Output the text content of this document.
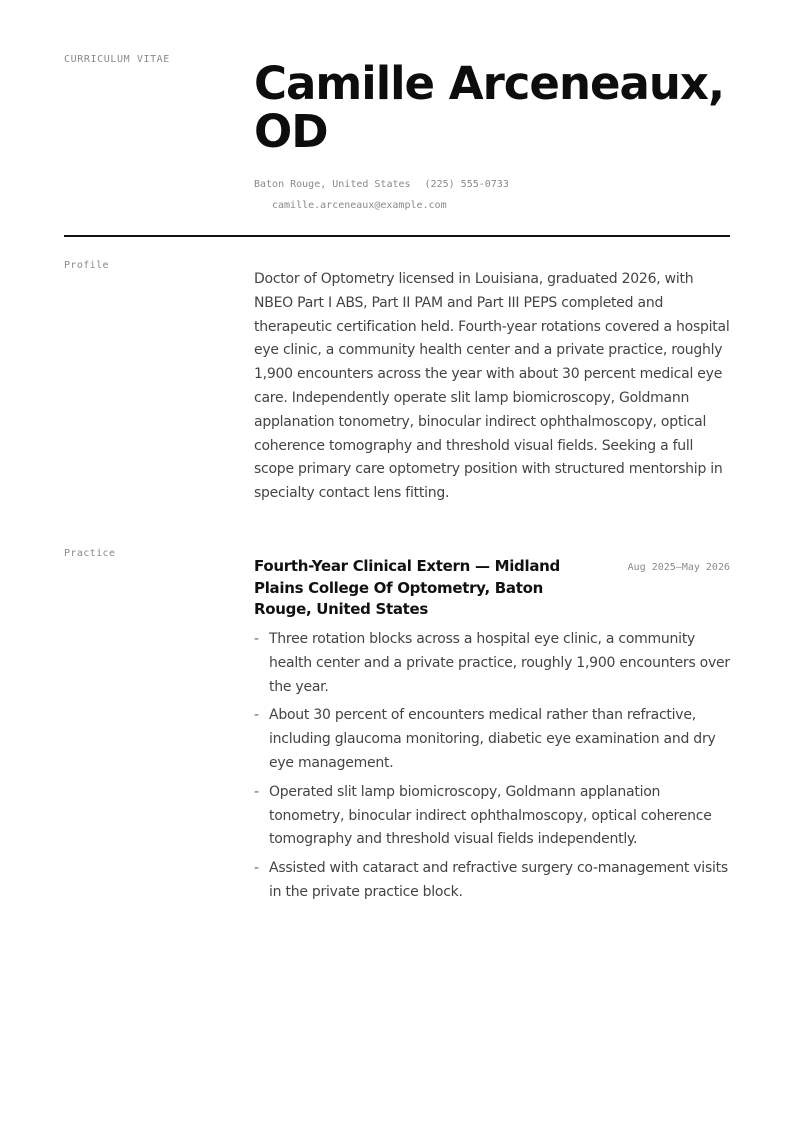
CURRICULUM VITAE Camille Arceneaux, OD
Baton Rouge, United States (225) 555-0733
camille.arceneaux@example.com
Profile

Doctor of Optometry licensed in Louisiana, graduated 2026, with NBEO Part I ABS, Part II PAM and Part III PEPS completed and therapeutic certification held. Fourth-year rotations covered a hospital eye clinic, a community health center and a private practice, roughly 1,900 encounters across the year with about 30 percent medical eye care. Independently operate slit lamp biomicroscopy, Goldmann applanation tonometry, binocular indirect ophthalmoscopy, optical coherence tomography and threshold visual fields. Seeking a full scope primary care optometry position with structured mentorship in specialty contact lens fitting.

Practice
Fourth-Year Clinical Extern — Midland Plains College Of Optometry, Baton Rouge, United States
Aug 2025–May 2026
- Three rotation blocks across a hospital eye clinic, a community health center and a private practice, roughly 1,900 encounters over the year.
- About 30 percent of encounters medical rather than refractive, including glaucoma monitoring, diabetic eye examination and dry eye management.
- Operated slit lamp biomicroscopy, Goldmann applanation tonometry, binocular indirect ophthalmoscopy, optical coherence tomography and threshold visual fields independently.
- Assisted with cataract and refractive surgery co-management visits in the private practice block.
